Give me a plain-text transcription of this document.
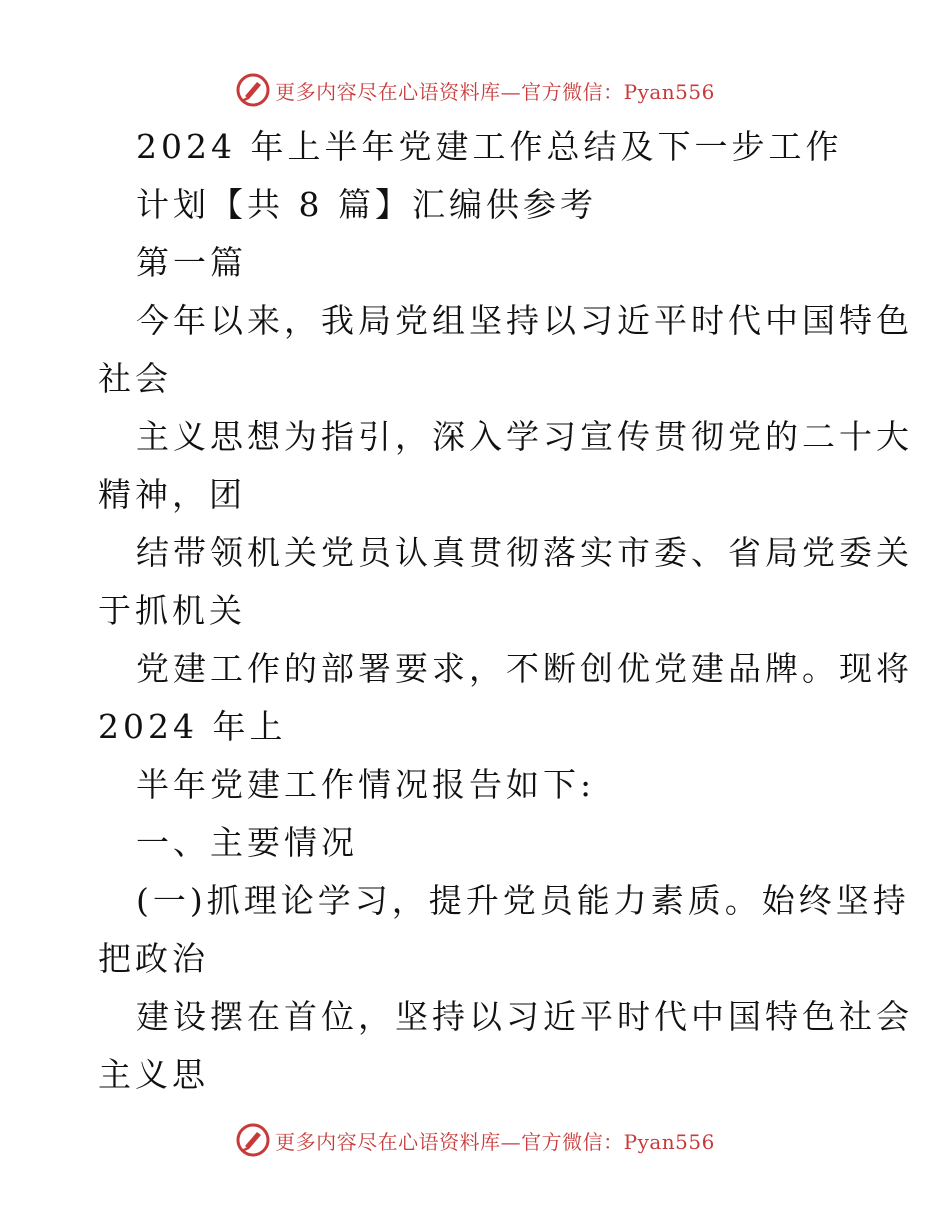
更多内容尽在心语资料库—官方微信：Pyan556
2024 年上半年党建工作总结及下一步工作
计划【共 8 篇】汇编供参考
第一篇
今年以来，我局党组坚持以习近平时代中国特色
社会
主义思想为指引，深入学习宣传贯彻党的二十大
精神，团
结带领机关党员认真贯彻落实市委、省局党委关
于抓机关
党建工作的部署要求，不断创优党建品牌。现将
2024 年上
半年党建工作情况报告如下:
一、主要情况
(一)抓理论学习，提升党员能力素质。始终坚持
把政治
建设摆在首位，坚持以习近平时代中国特色社会
主义思
更多内容尽在心语资料库—官方微信：Pyan556
